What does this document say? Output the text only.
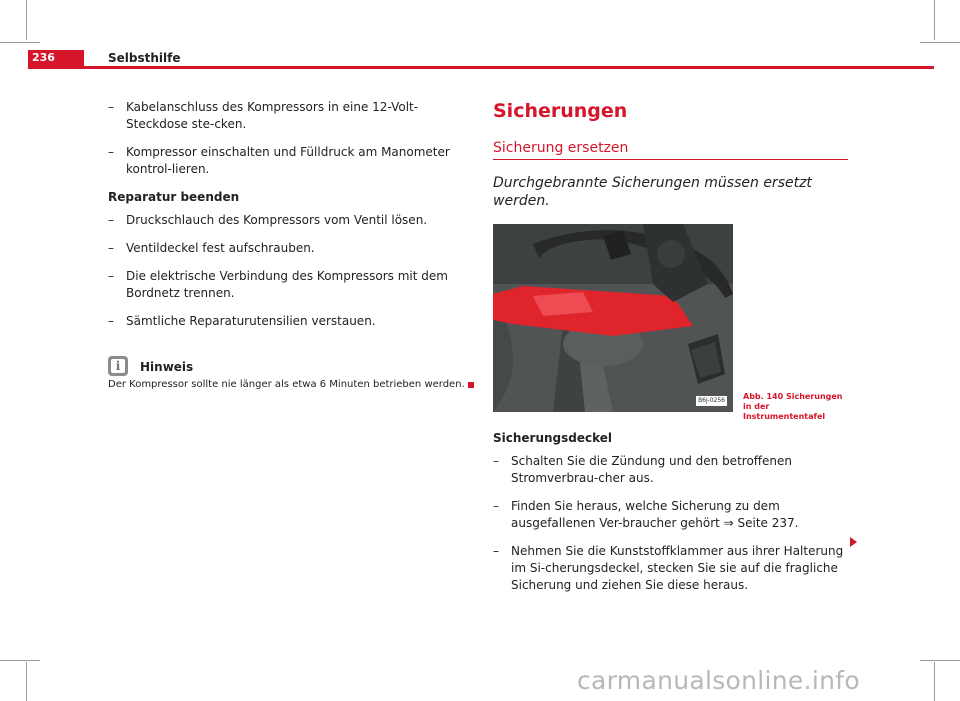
236	Selbsthilfe
– Kabelanschluss des Kompressors in eine 12-Volt-Steckdose ste-cken.
– Kompressor einschalten und Fülldruck am Manometer kontrol-lieren.
Reparatur beenden
– Druckschlauch des Kompressors vom Ventil lösen.
– Ventildeckel fest aufschrauben.
– Die elektrische Verbindung des Kompressors mit dem Bordnetz trennen.
– Sämtliche Reparaturutensilien verstauen.
i	Hinweis
Der Kompressor sollte nie länger als etwa 6 Minuten betrieben werden.
Sicherungen
Sicherung ersetzen
Durchgebrannte Sicherungen müssen ersetzt werden.
B6J-0256 Abb. 140 Sicherungen in der Instrumententafel
Sicherungsdeckel
– Schalten Sie die Zündung und den betroffenen Stromverbrau-cher aus.
– Finden Sie heraus, welche Sicherung zu dem ausgefallenen Ver-braucher gehört ⇒ Seite 237.
– Nehmen Sie die Kunststoffklammer aus ihrer Halterung im Si-cherungsdeckel, stecken Sie sie auf die fragliche Sicherung und ziehen Sie diese heraus.
carmanualsonline.info
